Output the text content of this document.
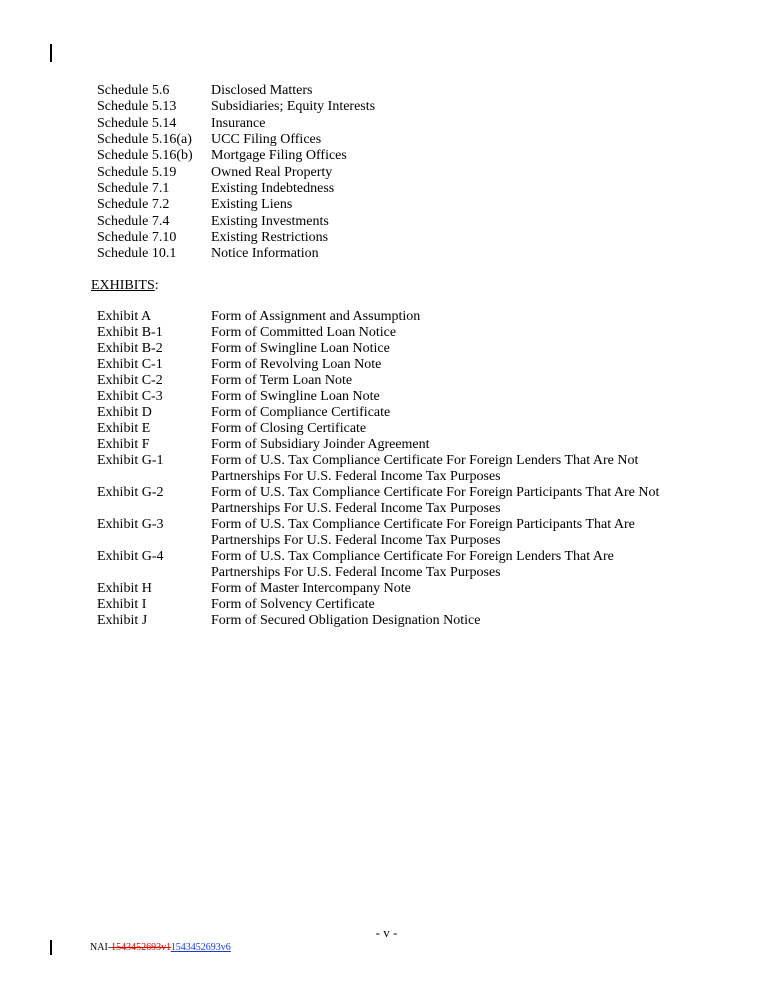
Schedule 5.6	Disclosed Matters
Schedule 5.13 Subsidiaries; Equity Interests
Schedule 5.14 Insurance
Schedule 5.16(a) UCC Filing Offices
Schedule 5.16(b) Mortgage Filing Offices
Schedule 5.19 Owned Real Property
Schedule 7.1	Existing Indebtedness
Schedule 7.2	Existing Liens
Schedule 7.4	Existing Investments
Schedule 7.10 Existing Restrictions
Schedule 10.1 Notice Information
EXHIBITS:
Exhibit A	Form of Assignment and Assumption
Exhibit B-1	Form of Committed Loan Notice
Exhibit B-2	Form of Swingline Loan Notice
Exhibit C-1	Form of Revolving Loan Note
Exhibit C-2	Form of Term Loan Note
Exhibit C-3	Form of Swingline Loan Note
Exhibit D	Form of Compliance Certificate
Exhibit E	Form of Closing Certificate
Exhibit F	Form of Subsidiary Joinder Agreement
Exhibit G-1	Form of U.S. Tax Compliance Certificate For Foreign Lenders That Are Not
Partnerships For U.S. Federal Income Tax Purposes
Exhibit G-2	Form of U.S. Tax Compliance Certificate For Foreign Participants That Are Not
Partnerships For U.S. Federal Income Tax Purposes
Exhibit G-3	Form of U.S. Tax Compliance Certificate For Foreign Participants That Are
Partnerships For U.S. Federal Income Tax Purposes
Exhibit G-4	Form of U.S. Tax Compliance Certificate For Foreign Lenders That Are
Partnerships For U.S. Federal Income Tax Purposes
Exhibit H	Form of Master Intercompany Note
Exhibit I	Form of Solvency Certificate
Exhibit J	Form of Secured Obligation Designation Notice
- v -
NAI-1543452693v11543452693v6
